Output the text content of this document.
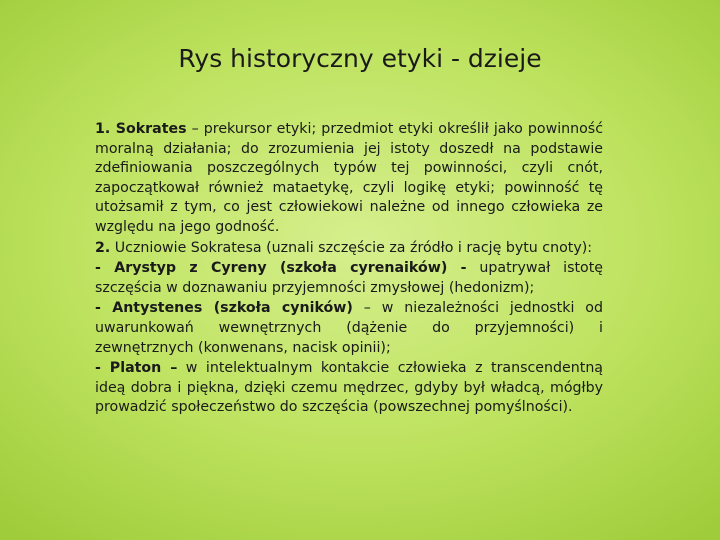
Rys historyczny etyki - dzieje

1. Sokrates – prekursor etyki; przedmiot etyki określił jako powinność moralną działania; do zrozumienia jej istoty doszedł na podstawie zdefiniowania poszczególnych typów tej powinności, czyli cnót, zapoczątkował również mataetykę, czyli logikę etyki; powinność tę utożsamił z tym, co jest człowiekowi należne od innego człowieka ze względu na jego godność.

2. Uczniowie Sokratesa (uznali szczęście za źródło i rację bytu cnoty):

- Arystyp z Cyreny (szkoła cyrenaików) - upatrywał istotę szczęścia w doznawaniu przyjemności zmysłowej (hedonizm);

- Antystenes (szkoła cyników) – w niezależności jednostki od uwarunkowań wewnętrznych (dążenie do przyjemności) i zewnętrznych (konwenans, nacisk opinii);

- Platon – w intelektualnym kontakcie człowieka z transcendentną ideą dobra i piękna, dzięki czemu mędrzec, gdyby był władcą, mógłby prowadzić społeczeństwo do szczęścia (powszechnej pomyślności).
